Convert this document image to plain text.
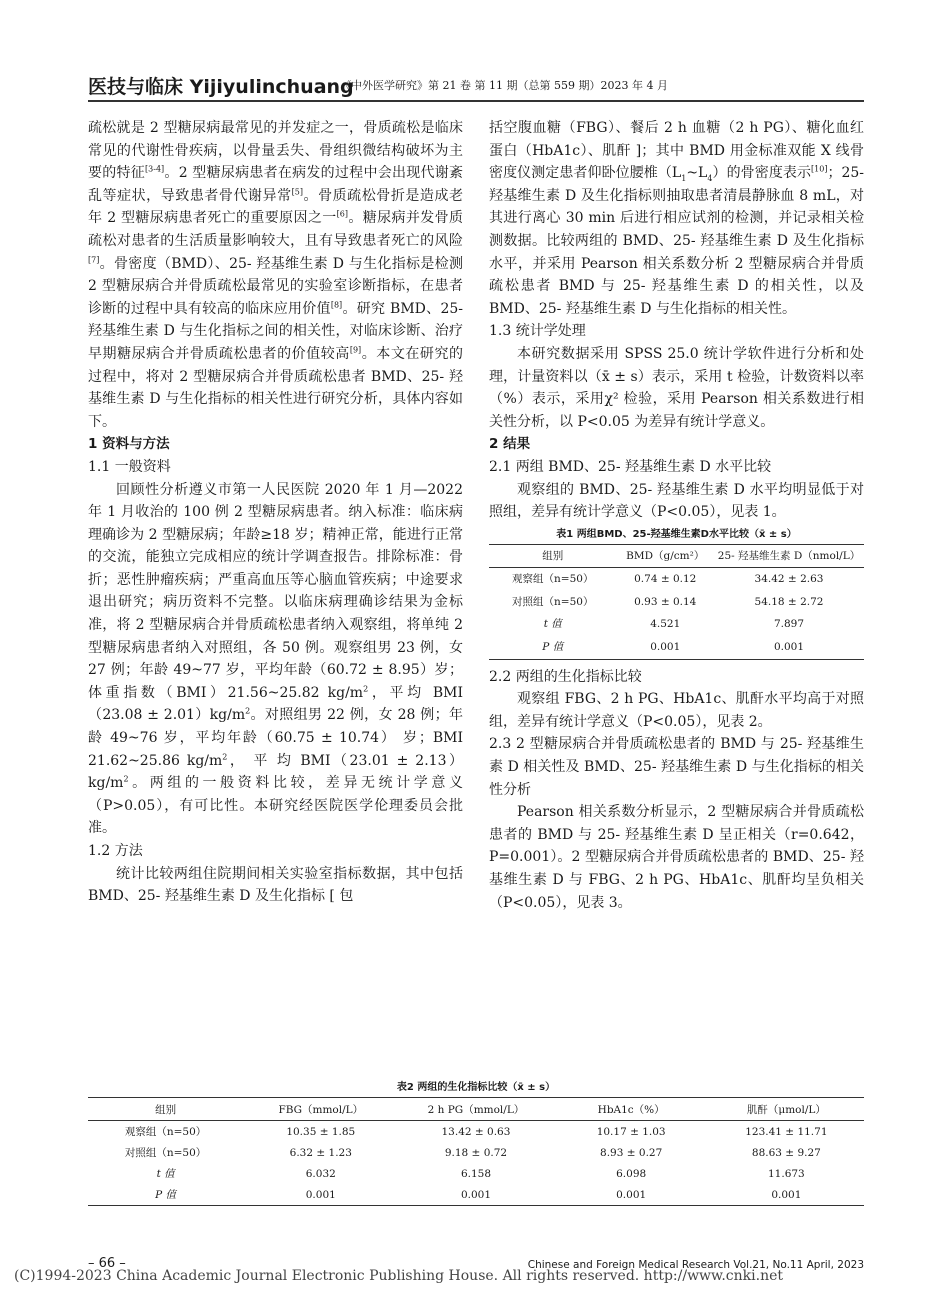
医技与临床 Yijiyulinchuang
《中外医学研究》第 21 卷 第 11 期（总第 559 期）2023 年 4 月

疏松就是 2 型糖尿病最常见的并发症之一，骨质疏松是临床常见的代谢性骨疾病，以骨量丢失、骨组织微结构破坏为主要的特征[3-4]。2 型糖尿病患者在病发的过程中会出现代谢紊乱等症状，导致患者骨代谢异常[5]。骨质疏松骨折是造成老年 2 型糖尿病患者死亡的重要原因之一[6]。糖尿病并发骨质疏松对患者的生活质量影响较大，且有导致患者死亡的风险[7]。骨密度（BMD）、25- 羟基维生素 D 与生化指标是检测 2 型糖尿病合并骨质疏松最常见的实验室诊断指标，在患者诊断的过程中具有较高的临床应用价值[8]。研究 BMD、25- 羟基维生素 D 与生化指标之间的相关性，对临床诊断、治疗早期糖尿病合并骨质疏松患者的价值较高[9]。本文在研究的过程中，将对 2 型糖尿病合并骨质疏松患者 BMD、25- 羟基维生素 D 与生化指标的相关性进行研究分析，具体内容如下。

1 资料与方法

1.1 一般资料

回顾性分析遵义市第一人民医院 2020 年 1 月—2022 年 1 月收治的 100 例 2 型糖尿病患者。纳入标准：临床病理确诊为 2 型糖尿病；年龄≥18 岁；精神正常，能进行正常的交流，能独立完成相应的统计学调查报告。排除标准：骨折；恶性肿瘤疾病；严重高血压等心脑血管疾病；中途要求退出研究；病历资料不完整。以临床病理确诊结果为金标准，将 2 型糖尿病合并骨质疏松患者纳入观察组，将单纯 2 型糖尿病患者纳入对照组，各 50 例。观察组男 23 例，女 27 例；年龄 49~77 岁，平均年龄（60.72 ± 8.95）岁；体重指数（BMI）21.56~25.82 $kg/m^2$，平均 $BMI(23.08 \pm 2.01)kg/m^2$。对照组男 22 例，女 28 例；年龄 49~76 岁，平均年龄（60.75 ± 10.74） 岁；BMI 21.62~25.86 $kg/m^2$， 平 均 $BMI(23.01 \pm 2.13)kg/m^2$。两组的一般资料比较，差异无统计学意义（P>0.05），有可比性。本研究经医院医学伦理委员会批准。

1.2 方法

统计比较两组住院期间相关实验室指标数据，其中包括 BMD、25- 羟基维生素 D 及生化指标 [ 包

括空腹血糖（FBG）、餐后 2 h 血糖（2 h PG）、糖化血红蛋白（HbA1c）、肌酐 ]；其中 BMD 用金标准双能 X 线骨密度仪测定患者仰卧位腰椎$(L_1\sim L_4)$的骨密度表示[10]；25- 羟基维生素 D 及生化指标则抽取患者清晨静脉血 8 mL，对其进行离心 30 min 后进行相应试剂的检测，并记录相关检测数据。比较两组的 BMD、25- 羟基维生素 D 及生化指标水平，并采用 Pearson 相关系数分析 2 型糖尿病合并骨质疏松患者 BMD 与 25- 羟基维生素 D 的相关性，以及 BMD、25- 羟基维生素 D 与生化指标的相关性。

1.3 统计学处理

本研究数据采用 SPSS 25.0 统计学软件进行分析和处理，计量资料以（x̄ ± s）表示，采用 t 检验，计数资料以率（%）表示，采用χ² 检验，采用 Pearson 相关系数进行相关性分析，以 P<0.05 为差异有统计学意义。

2 结果

2.1 两组 BMD、25- 羟基维生素 D 水平比较

观察组的 BMD、25- 羟基维生素 D 水平均明显低于对照组，差异有统计学意义（P<0.05），见表 1。

表1 两组BMD、25-羟基维生素D水平比较（x̄ ± s）
组别	BMD（g/cm²）	25- 羟基维生素 D（nmol/L）
观察组（n=50）	0.74 ± 0.12	34.42 ± 2.63
对照组（n=50）	0.93 ± 0.14	54.18 ± 2.72
t 值	4.521	7.897
P 值	0.001	0.001

2.2 两组的生化指标比较

观察组 FBG、2 h PG、HbA1c、肌酐水平均高于对照组，差异有统计学意义（P<0.05），见表 2。

2.3 2 型糖尿病合并骨质疏松患者的 BMD 与 25- 羟基维生素 D 相关性及 BMD、25- 羟基维生素 D 与生化指标的相关性分析

Pearson 相关系数分析显示，2 型糖尿病合并骨质疏松患者的 BMD 与 25- 羟基维生素 D 呈正相关（r=0.642，P=0.001）。2 型糖尿病合并骨质疏松患者的 BMD、25- 羟基维生素 D 与 FBG、2 h PG、HbA1c、肌酐均呈负相关（P<0.05），见表 3。

表2 两组的生化指标比较（x̄ ± s）
组别	FBG（mmol/L）	2 h PG（mmol/L）	HbA1c（%）	肌酐（μmol/L）
观察组（n=50）	10.35 ± 1.85	13.42 ± 0.63	10.17 ± 1.03	123.41 ± 11.71
对照组（n=50）	6.32 ± 1.23	9.18 ± 0.72	8.93 ± 0.27	88.63 ± 9.27
t 值	6.032	6.158	6.098	11.673
P 值	0.001	0.001	0.001	0.001
– 66 –	Chinese and Foreign Medical Research Vol.21, No.11 April, 2023
(C)1994-2023 China Academic Journal Electronic Publishing House. All rights reserved. http://www.cnki.net
